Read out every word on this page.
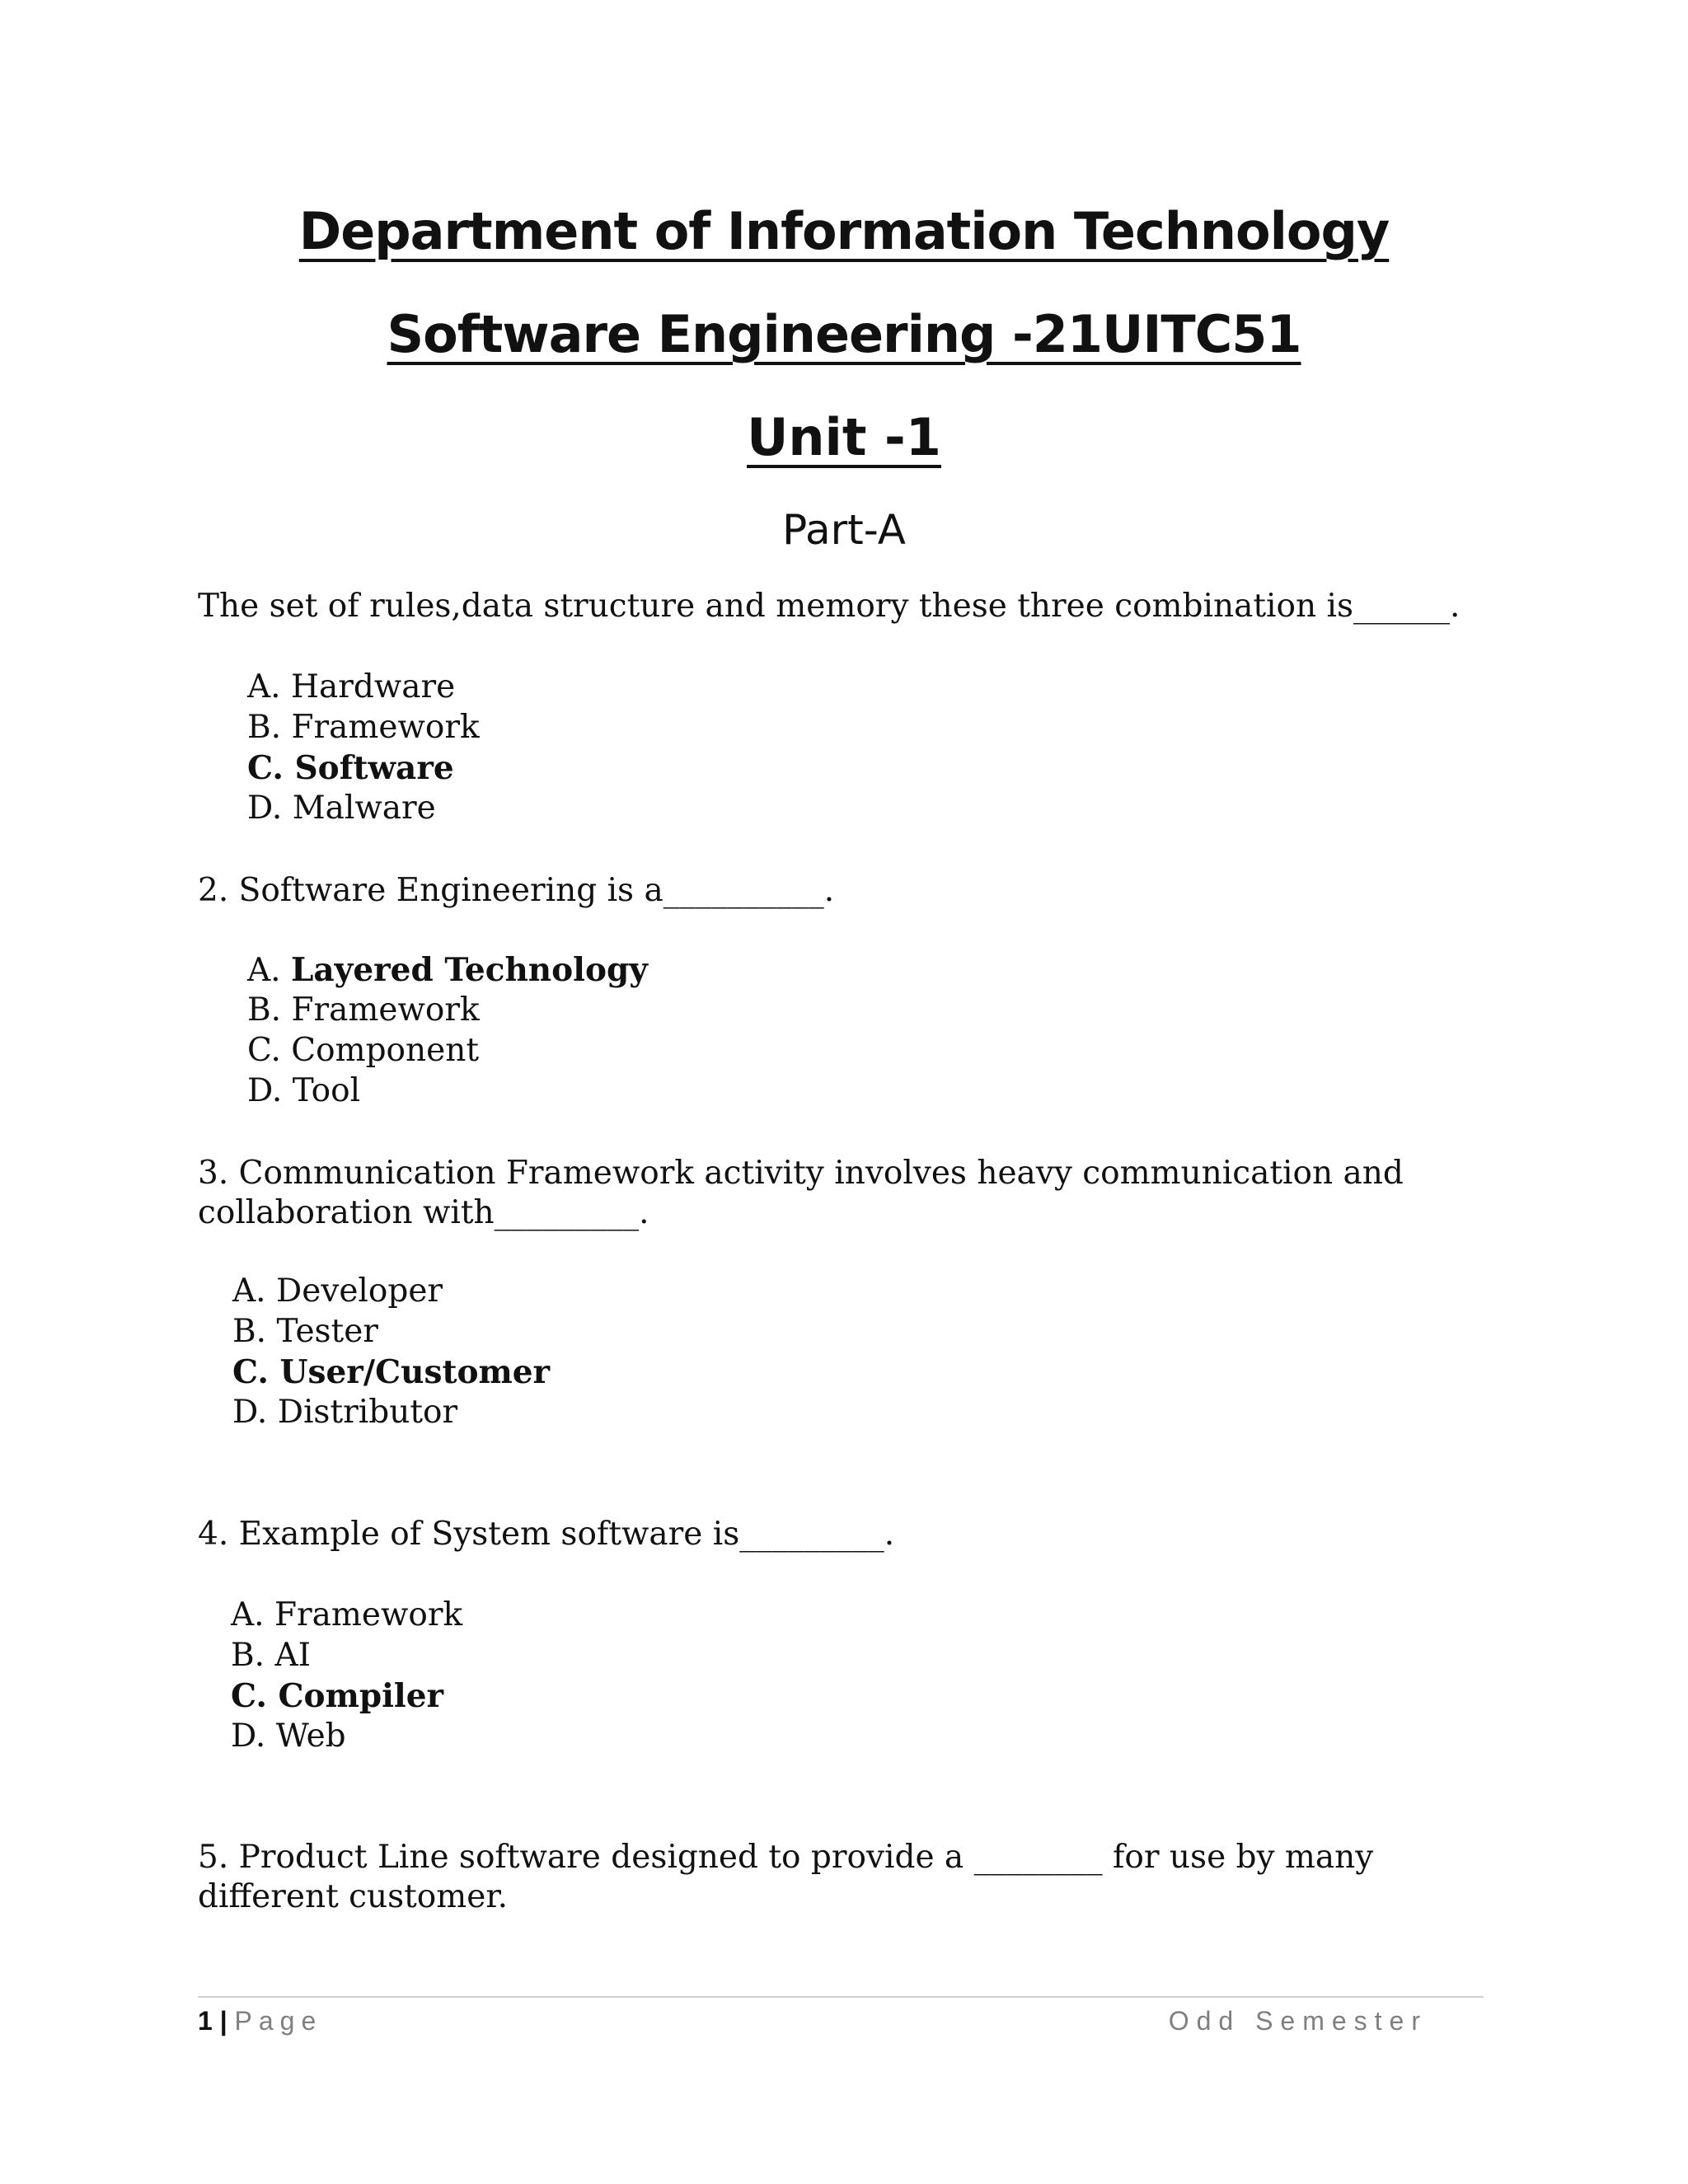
Department of Information Technology
Software Engineering -21UITC51
Unit -1
Part-A

The set of rules,data structure and memory these three combination is______.

A. Hardware
B. Framework
C. Software
D. Malware

2. Software Engineering is a__________.

A. Layered Technology
B. Framework
C. Component
D. Tool

3. Communication Framework activity involves heavy communication and collaboration with_________.

A. Developer
B. Tester
C. User/Customer
D. Distributor

4. Example of System software is_________.

A. Framework
B. AI
C. Compiler
D. Web

5. Product Line software designed to provide a ________ for use by many different customer.

1 | Page	Odd Semester
